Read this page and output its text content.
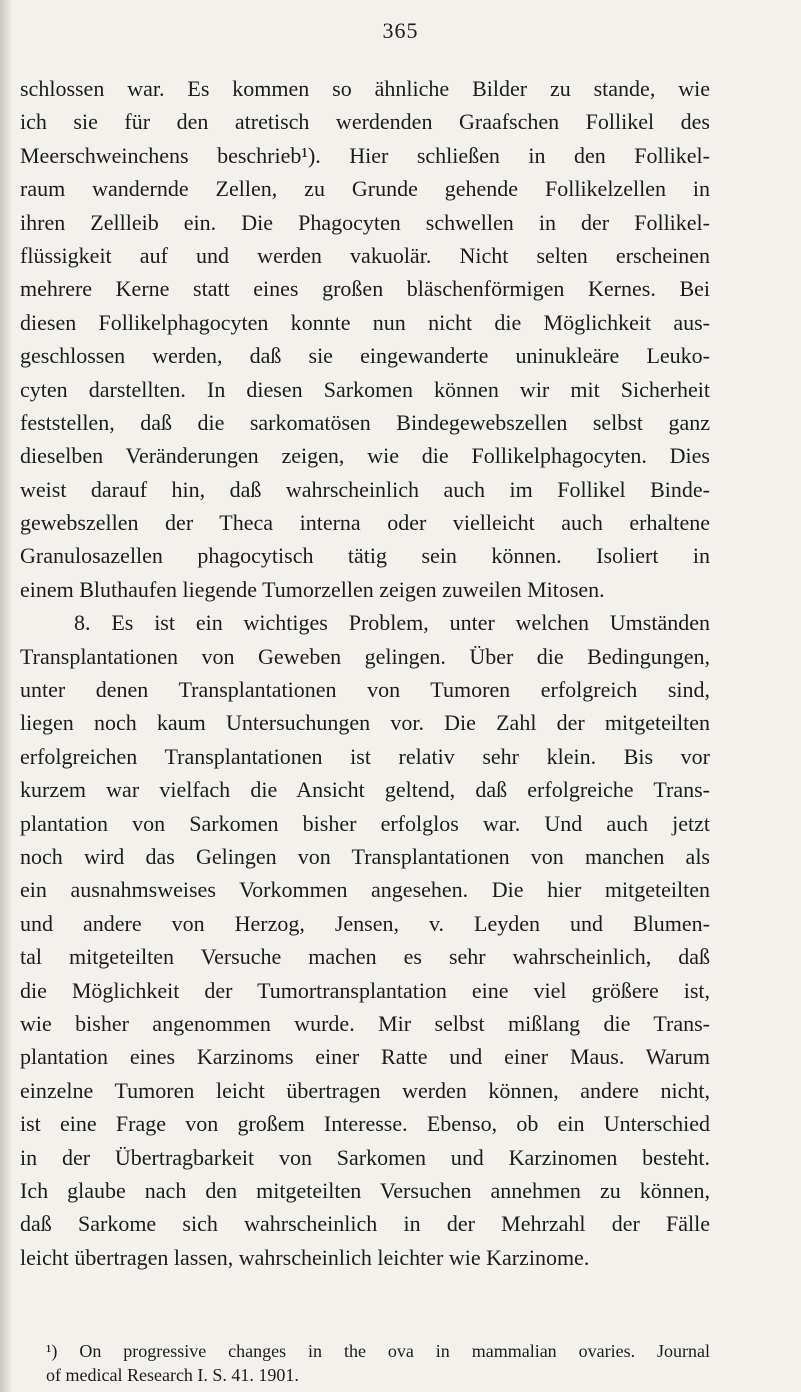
365
schlossen war. Es kommen so ähnliche Bilder zu stande, wie
ich sie für den atretisch werdenden Graafschen Follikel des
Meerschweinchens beschrieb¹). Hier schließen in den Follikel-
raum wandernde Zellen, zu Grunde gehende Follikelzellen in
ihren Zellleib ein. Die Phagocyten schwellen in der Follikel-
flüssigkeit auf und werden vakuolär. Nicht selten erscheinen
mehrere Kerne statt eines großen bläschenförmigen Kernes. Bei
diesen Follikelphagocyten konnte nun nicht die Möglichkeit aus-
geschlossen werden, daß sie eingewanderte uninukleäre Leuko-
cyten darstellten. In diesen Sarkomen können wir mit Sicherheit
feststellen, daß die sarkomatösen Bindegewebszellen selbst ganz
dieselben Veränderungen zeigen, wie die Follikelphagocyten. Dies
weist darauf hin, daß wahrscheinlich auch im Follikel Binde-
gewebszellen der Theca interna oder vielleicht auch erhaltene
Granulosazellen phagocytisch tätig sein können. Isoliert in
einem Bluthaufen liegende Tumorzellen zeigen zuweilen Mitosen.
8. Es ist ein wichtiges Problem, unter welchen Umständen
Transplantationen von Geweben gelingen. Über die Bedingungen,
unter denen Transplantationen von Tumoren erfolgreich sind,
liegen noch kaum Untersuchungen vor. Die Zahl der mitgeteilten
erfolgreichen Transplantationen ist relativ sehr klein. Bis vor
kurzem war vielfach die Ansicht geltend, daß erfolgreiche Trans-
plantation von Sarkomen bisher erfolglos war. Und auch jetzt
noch wird das Gelingen von Transplantationen von manchen als
ein ausnahmsweises Vorkommen angesehen. Die hier mitgeteilten
und andere von Herzog, Jensen, v. Leyden und Blumen-
tal mitgeteilten Versuche machen es sehr wahrscheinlich, daß
die Möglichkeit der Tumortransplantation eine viel größere ist,
wie bisher angenommen wurde. Mir selbst mißlang die Trans-
plantation eines Karzinoms einer Ratte und einer Maus. Warum
einzelne Tumoren leicht übertragen werden können, andere nicht,
ist eine Frage von großem Interesse. Ebenso, ob ein Unterschied
in der Übertragbarkeit von Sarkomen und Karzinomen besteht.
Ich glaube nach den mitgeteilten Versuchen annehmen zu können,
daß Sarkome sich wahrscheinlich in der Mehrzahl der Fälle
leicht übertragen lassen, wahrscheinlich leichter wie Karzinome.
¹) On progressive changes in the ova in mammalian ovaries. Journal
of medical Research I. S. 41. 1901.
